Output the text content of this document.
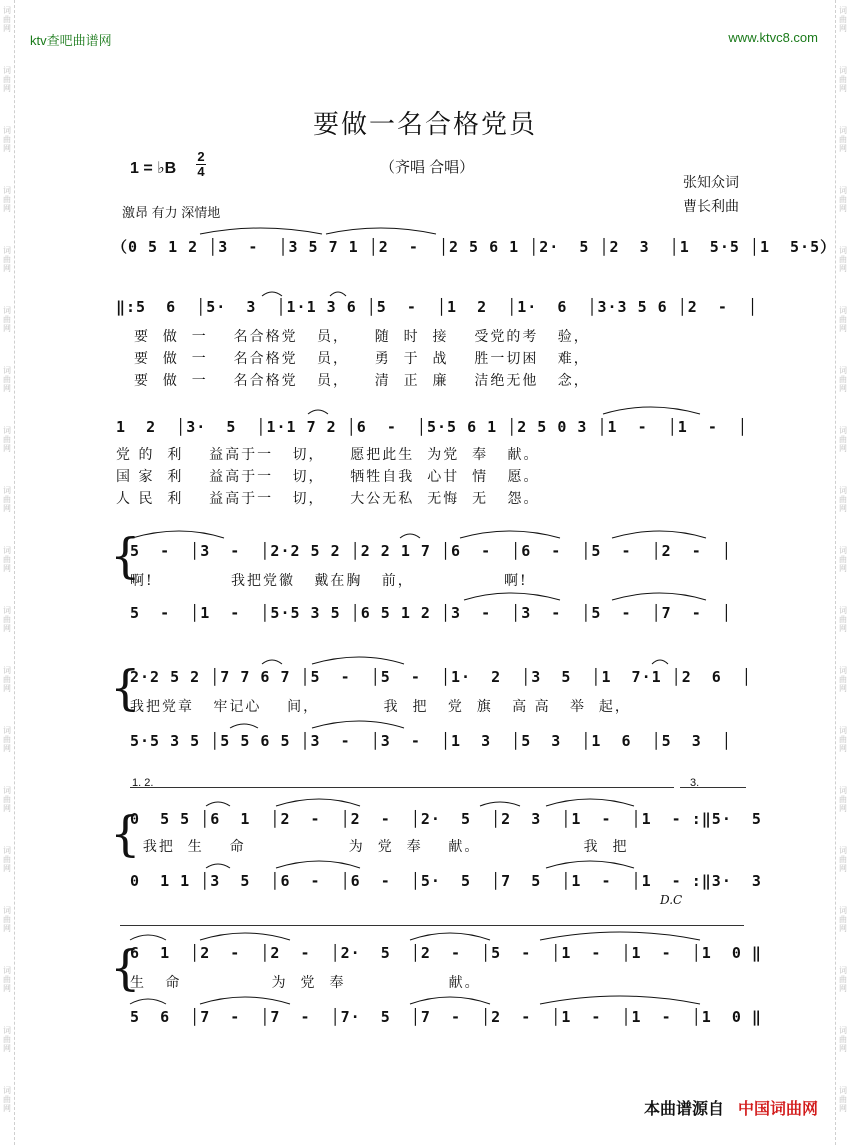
词
曲
网
词
曲
网
词
曲
网
词
曲
网
词
曲
网
词
曲
网
词
曲
网
词
曲
网
词
曲
网
词
曲
网
词
曲
网
词
曲
网
词
曲
网
词
曲
网
词
曲
网
词
曲
网
词
曲
网
词
曲
网
词
曲
网
词
曲
网
词
曲
网
词
曲
网
词
曲
网
词
曲
网
词
曲
网
词
曲
网
词
曲
网
词
曲
网
词
曲
网
词
曲
网
词
曲
网
词
曲
网
词
曲
网
词
曲
网
词
曲
网
词
曲
网
词
曲
网
词
曲
网
ktv查吧曲谱网	www.ktvc8.com
要做一名合格党员
1 = ♭B
2
4	（齐唱 合唱）
张知众词
曹长利曲
激昂 有力 深情地
（0 5 1 2 │3  -  │3 5 7 1 │2  -  │2 5 6 1 │2·  5 │2  3  │1  5·5 │1  5·5）
‖:5  6  │5·  3  │1·1 3 6 │5  -  │1  2  │1·  6  │3·3 5 6 │2  -  │
要  做  一    名合格党   员，    随  时  接    受党的考   验，
要  做  一    名合格党   员，    勇  于  战    胜一切困   难，
要  做  一    名合格党   员，    清  正  廉    洁绝无他   念，
1  2  │3·  5  │1·1 7 2 │6  -  │5·5 6 1 │2 5 0 3 │1  -  │1  -  │
党 的  利    益高于一   切，    愿把此生  为党  奉   献。
国 家  利    益高于一   切，    牺牲自我  心甘  情   愿。
人 民  利    益高于一   切，    大公无私  无悔  无   怨。
{
5  -  │3  -  │2·2 5 2 │2 2 1 7 │6  -  │6  -  │5  -  │2  -  │
啊!            我把党徽   戴在胸   前，              啊!
5  -  │1  -  │5·5 3 5 │6 5 1 2 │3  -  │3  -  │5  -  │7  -  │
{
2·2 5 2 │7 7 6 7 │5  -  │5  -  │1·  2  │3  5  │1  7·1 │2  6  │
我把党章   牢记心    间，          我  把   党  旗   高 高   举  起，
5·5 3 5 │5 5 6 5 │3  -  │3  -  │1  3  │5  3  │1  6  │5  3  │
1. 2.	3.
{
0  5 5 │6  1  │2  -  │2  -  │2·  5  │2  3  │1  -  │1  - :‖5·  5
我把  生    命                为  党  奉    献。                我  把
0  1 1 │3  5  │6  -  │6  -  │5·  5  │7  5  │1  -  │1  - :‖3·  3
D.C
{
6  1  │2  -  │2  -  │2·  5  │2  -  │5  -  │1  -  │1  -  │1  0 ‖
生   命              为  党  奉                献。
5  6  │7  -  │7  -  │7·  5  │7  -  │2  -  │1  -  │1  -  │1  0 ‖
本曲谱源自 中国词曲网
